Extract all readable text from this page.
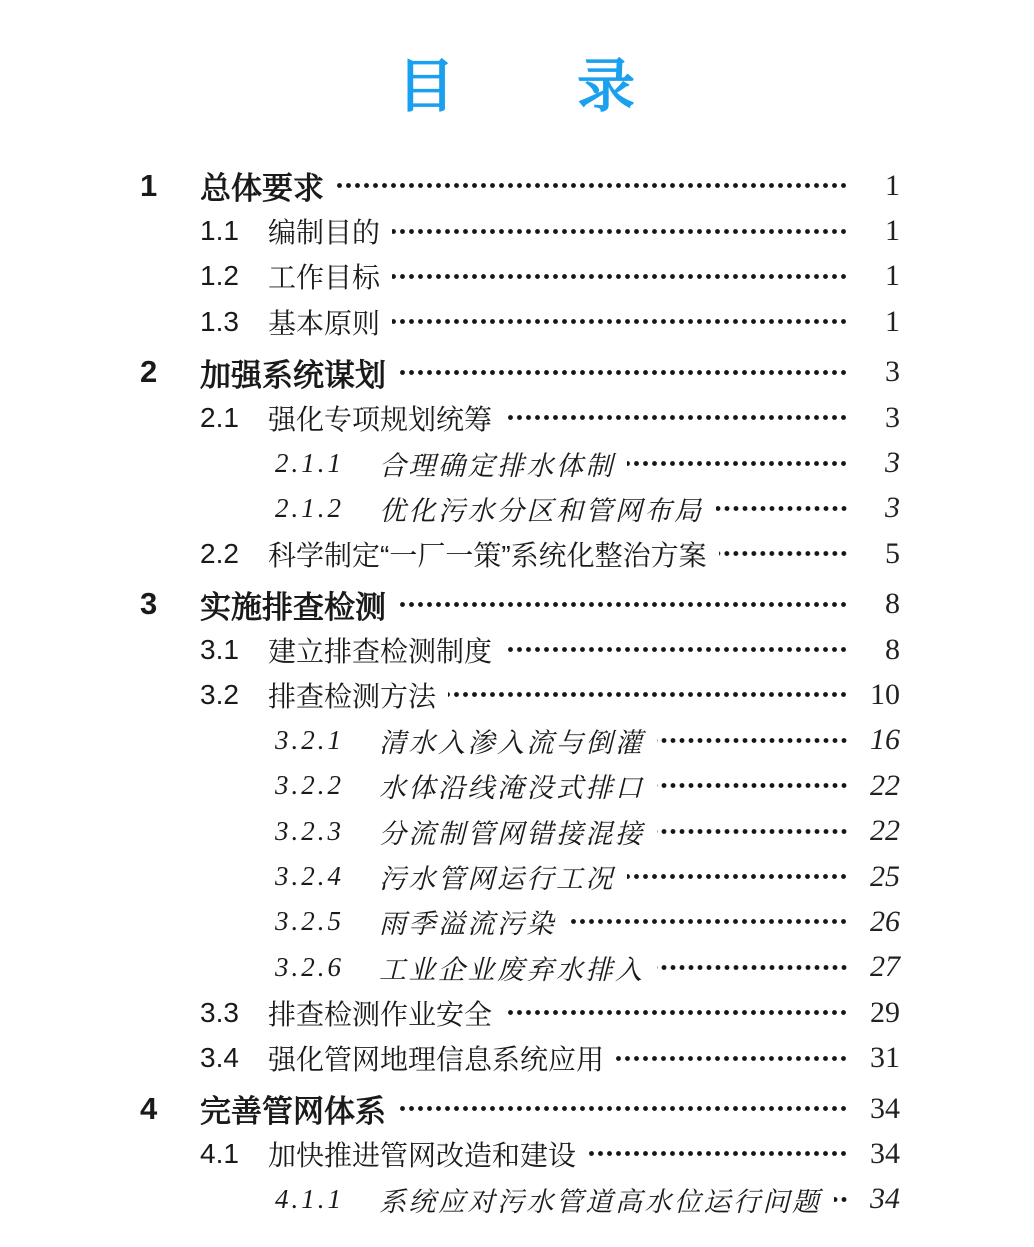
目　　录
1	总体要求	1
1.1	编制目的	1
1.2	工作目标	1
1.3	基本原则	1
2	加强系统谋划	3
2.1	强化专项规划统筹	3
2.1.1	合理确定排水体制	3
2.1.2	优化污水分区和管网布局	3
2.2	科学制定“一厂一策”系统化整治方案	5
3	实施排查检测	8
3.1	建立排查检测制度	8
3.2	排查检测方法	10
3.2.1	清水入渗入流与倒灌	16
3.2.2	水体沿线淹没式排口	22
3.2.3	分流制管网错接混接	22
3.2.4	污水管网运行工况	25
3.2.5	雨季溢流污染	26
3.2.6	工业企业废弃水排入	27
3.3	排查检测作业安全	29
3.4	强化管网地理信息系统应用	31
4	完善管网体系	34
4.1	加快推进管网改造和建设	34
4.1.1	系统应对污水管道高水位运行问题	34
